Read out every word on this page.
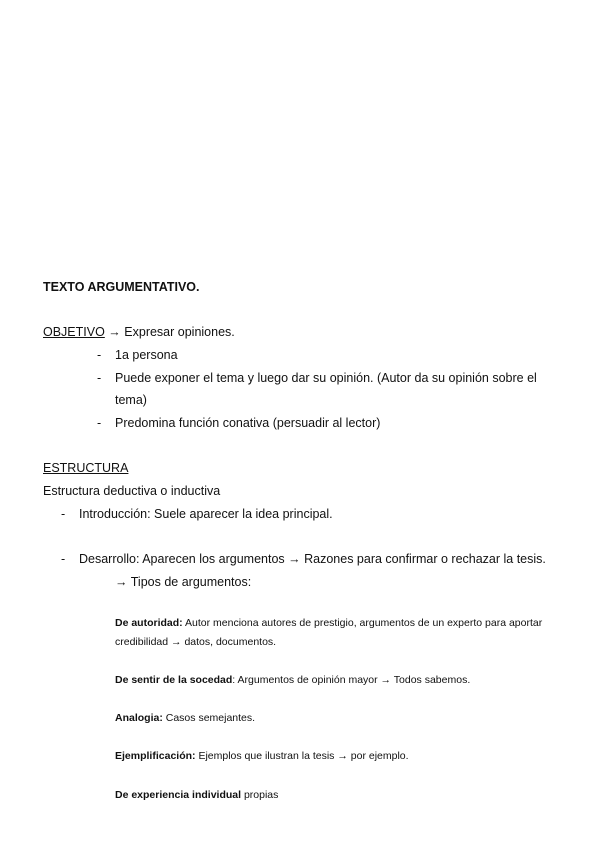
TEXTO ARGUMENTATIVO.
OBJETIVO → Expresar opiniones.
- 1a persona
- Puede exponer el tema y luego dar su opinión. (Autor da su opinión sobre el
tema)
- Predomina función conativa (persuadir al lector)
ESTRUCTURA
Estructura deductiva o inductiva
- Introducción: Suele aparecer la idea principal.
- Desarrollo: Aparecen los argumentos → Razones para confirmar o rechazar la tesis.
→ Tipos de argumentos:
De autoridad: Autor menciona autores de prestigio, argumentos de un experto para aportar
credibilidad → datos, documentos.
De sentir de la socedad: Argumentos de opinión mayor → Todos sabemos.
Analogia: Casos semejantes.
Ejemplificación: Ejemplos que ilustran la tesis → por ejemplo.
De experiencia individual propias
